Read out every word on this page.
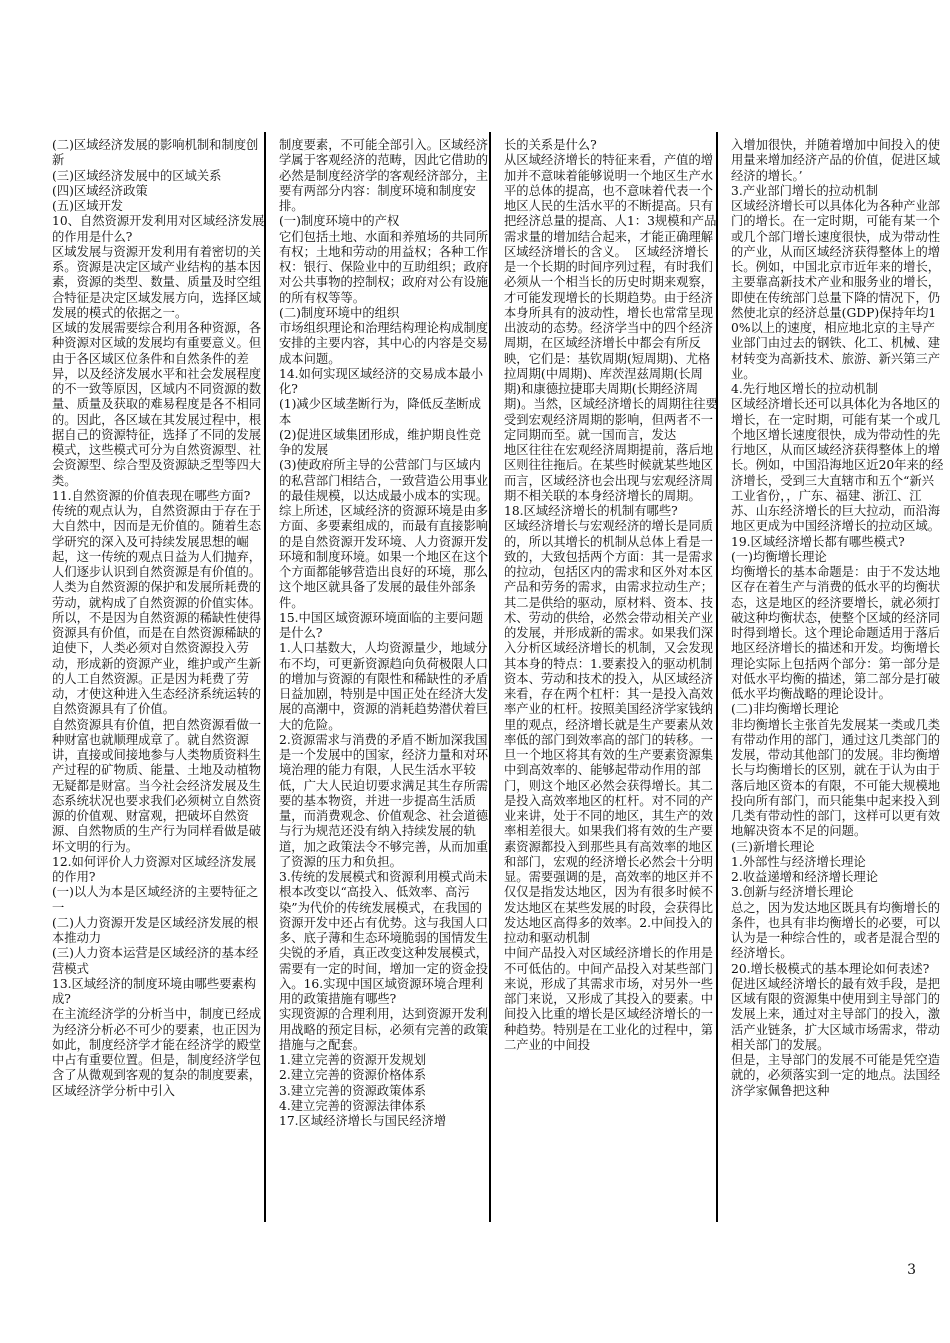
(二)区域经济发展的影响机制和制度创新
(三)区域经济发展中的区域关系
(四)区域经济政策
(五)区域开发
10、自然资源开发利用对区域经济发展的作用是什么?
区域发展与资源开发利用有着密切的关系。资源是决定区域产业结构的基本因素，资源的类型、数量、质量及时空组合特征是决定区域发展方向，选择区域发展的模式的依据之一。
区域的发展需要综合利用各种资源，各种资源对区域的发展均有重要意义。但由于各区域区位条件和自然条件的差异，以及经济发展水平和社会发展程度的不一致等原因，区域内不同资源的数量、质量及获取的难易程度是各不相同的。因此，各区域在其发展过程中，根据自己的资源特征，选择了不同的发展模式，这些模式可分为自然资源型、社会资源型、综合型及资源缺乏型等四大类。
11.自然资源的价值表现在哪些方面?
传统的观点认为，自然资源由于存在于大自然中，因而是无价值的。随着生态学研究的深入及可持续发展思想的崛起，这一传统的观点日益为人们抛弃，人们逐步认识到自然资源是有价值的。
人类为自然资源的保护和发展所耗费的劳动，就构成了自然资源的价值实体。所以，不是因为自然资源的稀缺性使得资源具有价值，而是在自然资源稀缺的迫使下，人类必须对自然资源投入劳动，形成新的资源产业，维护或产生新的人工自然资源。正是因为耗费了劳动，才使这种进入生态经济系统运转的自然资源具有了价值。
自然资源具有价值，把自然资源看做一种财富也就顺理成章了。就自然资源讲，直接或间接地参与人类物质资料生产过程的矿物质、能量、土地及动植物无疑都是财富。当今社会经济发展及生态系统状况也要求我们必须树立自然资源的价值观、财富观，把破坏自然资源、自然物质的生产行为同样看做是破坏文明的行为。
12.如何评价人力资源对区域经济发展的作用?
(一)以人为本是区域经济的主要特征之一
(二)人力资源开发是区域经济发展的根本推动力
(三)人力资本运营是区域经济的基本经营模式
13.区域经济的制度环境由哪些要素构成?
在主流经济学的分析当中，制度已经成为经济分析必不可少的要素，也正因为如此，制度经济学才能在经济学的殿堂中占有重要位置。但是，制度经济学包含了从微观到客观的复杂的制度要素，区域经济学分析中引入
制度要素，不可能全部引入。区域经济学属于客观经济的范畴，因此它借助的必然是制度经济学的客观经济部分，主要有两部分内容：制度环境和制度安排。
(一)制度环境中的产权
它们包括土地、水面和养殖场的共同所有权；土地和劳动的用益权；各种工作权：银行、保险业中的互助组织；政府对公共事物的控制权；政府对公有设施的所有权等等。
(二)制度环境中的组织
市场组织理论和治理结构理论构成制度安排的主要内容，其中心的内容是交易成本问题。
14.如何实现区域经济的交易成本最小化?
(1)减少区域垄断行为，降低反垄断成本
(2)促进区域集团形成，维护期良性竞争的发展
(3)使政府所主导的公营部门与区域内的私营部门相结合，一致营造公用事业的最佳规模，以达成最小成本的实现。
综上所述，区域经济的资源环境是由多方面、多要素组成的，而最有直接影响的是自然资源开发环境、人力资源开发环境和制度环境。如果一个地区在这个个方面都能够营造出良好的环境，那么这个地区就具备了发展的最佳外部条件。
15.中国区域资源环境面临的主要问题是什么?
1.人口基数大，人均资源量少，地域分布不均，可更新资源趋向负荷极限人口的增加与资源的有限性和稀缺性的矛盾日益加剧，特别是中国正处在经济大发展的高潮中，资源的消耗趋势潜伏着巨大的危险。
2.资源需求与消费的矛盾不断加深我国是一个发展中的国家，经济力量和对环境治理的能力有限，人民生活水平较低，广大人民迫切要求满足其生存所需要的基本物资，并进一步提高生活质量，而消费观念、价值观念、社会道德与行为规范还没有纳入持续发展的轨道，加之政策法令不够完善，从而加重了资源的压力和负担。
3.传统的发展模式和资源利用模式尚未根本改变以“高投入、低效率、高污染”为代价的传统发展模式，在我国的资源开发中还占有优势。这与我国人口多、底子薄和生态环境脆弱的国情发生尖锐的矛盾，真正改变这种发展模式，需要有一定的时间，增加一定的资金投入。16.实现中国区域资源环境合理利用的政策措施有哪些?
实现资源的合理利用，达到资源开发利用战略的预定目标，必须有完善的政策措施与之配套。
1.建立完善的资源开发规划
2.建立完善的资源价格体系
3.建立完善的资源政策体系
4.建立完善的资源法律体系
17.区域经济增长与国民经济增
长的关系是什么?
从区域经济增长的特征来看，产值的增加并不意味着能够说明一个地区生产水平的总体的提高，也不意味着代表一个地区人民的生活水平的不断提高。只有把经济总量的提高、人1：3规模和产品需求量的增加结合起来，才能正确理解区域经济增长的含义。  区域经济增长是一个长期的时间序列过程，有时我们必须从一个相当长的历史时期来观察，才可能发现增长的长期趋势。由于经济本身所具有的波动性，增长也常常呈现出波动的态势。经济学当中的四个经济周期，在区域经济增长中都会有所反映，它们是：基钦周期(短周期)、尤格拉周期(中周期)、库茨涅兹周期(长周期)和康德拉捷耶夫周期(长期经济周期)。当然，区域经济增长的周期往往要受到宏观经济周期的影响，但两者不一定同期而至。就一国而言，发达
地区往往在宏观经济周期提前，落后地区则往往拖后。在某些时候就某些地区而言，区域经济也会出现与宏观经济周期不相关联的本身经济增长的周期。
18.区域经济增长的机制有哪些?
区域经济增长与宏观经济的增长是同质的，所以其增长的机制从总体上看是一致的，大致包括两个方面：其一是需求的拉动，包括区内的需求和区外对本区产品和劳务的需求，由需求拉动生产；其二是供给的驱动，原材料、资本、技术、劳动的供给，必然会带动相关产业的发展，并形成新的需求。如果我们深入分析区域经济增长的机制，又会发现其本身的特点：1.要素投入的驱动机制
资本、劳动和技术的投入，从区域经济来看，存在两个杠杆：其一是投入高效率产业的杠杆。按照美国经济学家钱纳里的观点，经济增长就是生产要素从效率低的部门到效率高的部门的转移。一旦一个地区将其有效的生产要素资源集中到高效率的、能够起带动作用的部门，则这个地区必然会获得增长。其二是投入高效率地区的杠杆。对不同的产业来讲，处于不同的地区，其生产的效率相差很大。如果我们将有效的生产要素资源都投入到那些具有高效率的地区和部门，宏观的经济增长必然会十分明显。需要强调的是，高效率的地区并不仅仅是指发达地区，因为有很多时候不发达地区在某些发展的时段，会获得比发达地区高得多的效率。2.中间投入的拉动和驱动机制
中间产品投入对区域经济增长的作用是不可低估的。中间产品投入对某些部门来说，形成了其需求市场，对另外一些部门来说，又形成了其投入的要素。中间投入比重的增长是区域经济增长的一种趋势。特别是在工业化的过程中，第二产业的中间投
入增加很快，并随着增加中间投入的使用量来增加经济产品的价值，促进区域经济的增长。’
3.产业部门增长的拉动机制
区域经济增长可以具体化为各种产业部门的增长。在一定时期，可能有某一个或几个部门增长速度很快，成为带动性的产业，从而区域经济获得整体上的增长。例如，中国北京市近年来的增长，主要靠高新技术产业和服务业的增长，即使在传统部门总量下降的情况下，仍然使北京的经济总量(GDP)保持年均10%以上的速度，相应地北京的主导产业部门由过去的钢铁、化工、机械、建材转变为高新技术、旅游、新兴第三产业。
4.先行地区增长的拉动机制
区域经济增长还可以具体化为各地区的增长，在一定时期，可能有某一个或几个地区增长速度很快，成为带动性的先行地区，从而区域经济获得整体上的增长。例如，中国沿海地区近20年来的经济增长，受到三大直辖市和五个“新兴工业省份，，广东、福建、浙江、江苏、山东经济增长的巨大拉动，而沿海地区更成为中国经济增长的拉动区域。
19.区域经济增长都有哪些模式?
(一)均衡增长理论
均衡增长的基本命题是：由于不发达地区存在着生产与消费的低水平的均衡状态，这是地区的经济要增长，就必须打破这种均衡状态，使整个区域的经济同时得到增长。这个理论命题适用于落后地区经济增长的描述和开发。均衡增长理论实际上包括两个部分：第一部分是对低水平均衡的描述，第二部分是打破低水平均衡战略的理论设计。
(二)非均衡增长理论
非均衡增长主张首先发展某一类或几类有带动作用的部门，通过这几类部门的发展，带动其他部门的发展。非均衡增长与均衡增长的区别，就在于认为由于落后地区资本的有限，不可能大规模地投向所有部门，而只能集中起来投入到几类有带动性的部门，这样可以更有效地解决资本不足的问题。
(三)新增长理论
1.外部性与经济增长理论
2.收益递增和经济增长理论
3.创新与经济增长理论
总之，因为发达地区既具有均衡增长的条件，也具有非均衡增长的必要，可以认为是一种综合性的，或者是混合型的经济增长。
20.增长极模式的基本理论如何表述?
促进区域经济增长的最有效手段，是把区域有限的资源集中使用到主导部门的发展上来，通过对主导部门的投入，激活产业链条，扩大区域市场需求，带动相关部门的发展。
但是，主导部门的发展不可能是凭空造就的，必须落实到一定的地点。法国经济学家佩鲁把这种
3
